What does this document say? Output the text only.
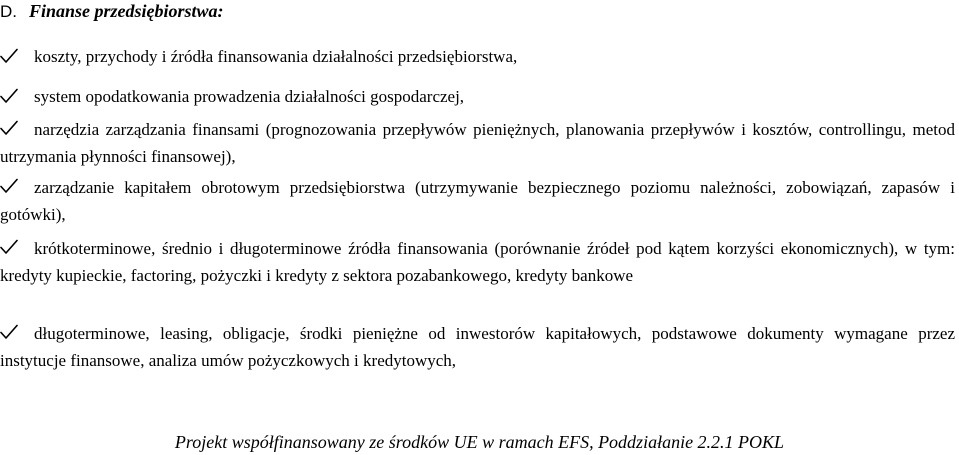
D. Finanse przedsiębiorstwa:

koszty, przychody i źródła finansowania działalności przedsiębiorstwa,

system opodatkowania prowadzenia działalności gospodarczej,

narzędzia zarządzania finansami (prognozowania przepływów pieniężnych, planowania przepływów i kosztów, controllingu, metod utrzymania płynności finansowej),

zarządzanie kapitałem obrotowym przedsiębiorstwa (utrzymywanie bezpiecznego poziomu należności, zobowiązań, zapasów i gotówki),

krótkoterminowe, średnio i długoterminowe źródła finansowania (porównanie źródeł pod kątem korzyści ekonomicznych), w tym: kredyty kupieckie, factoring, pożyczki i kredyty z sektora pozabankowego, kredyty bankowe

długoterminowe, leasing, obligacje, środki pieniężne od inwestorów kapitałowych, podstawowe dokumenty wymagane przez instytucje finansowe, analiza umów pożyczkowych i kredytowych,

Projekt współfinansowany ze środków UE w ramach EFS, Poddziałanie 2.2.1 POKL
